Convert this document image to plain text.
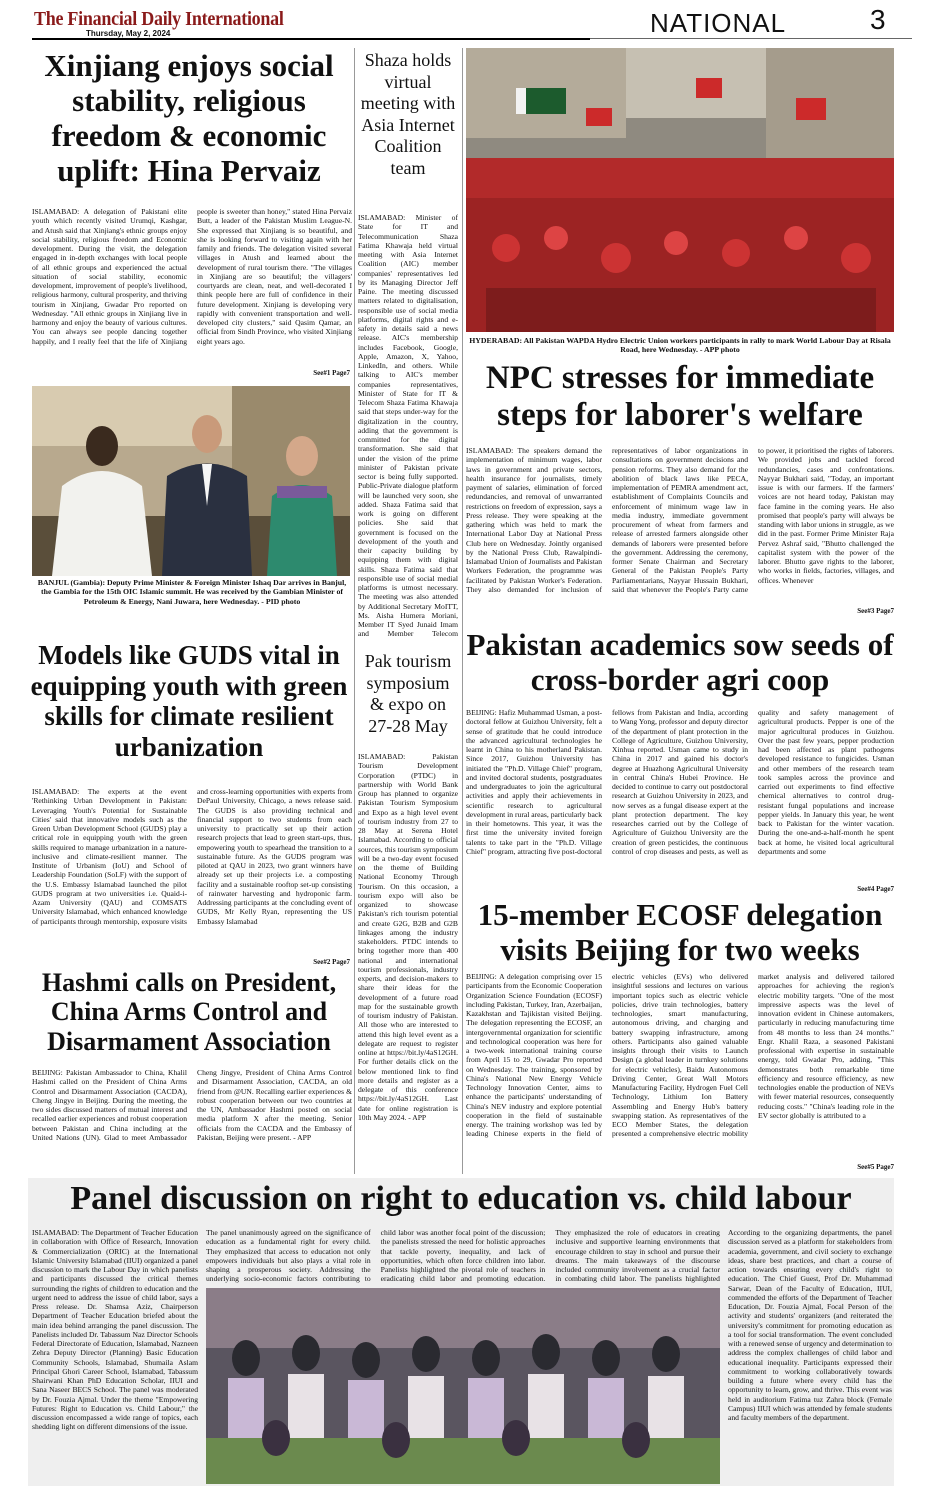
The Financial Daily International
Thursday, May 2, 2024	NATIONAL	3
Xinjiang enjoys social stability, religious freedom & economic uplift: Hina Pervaiz

ISLAMABAD: A delegation of Pakistani elite youth which recently visited Urumqi, Kashgar, and Atush said that Xinjiang's ethnic groups enjoy social stability, religious freedom and Economic development. During the visit, the delegation engaged in in-depth exchanges with local people of all ethnic groups and experienced the actual situation of social stability, economic development, improvement of people's livelihood, religious harmony, cultural prosperity, and thriving tourism in Xinjiang, Gwadar Pro reported on Wednesday. "All ethnic groups in Xinjiang live in harmony and enjoy the beauty of various cultures. You can always see people dancing together happily, and I really feel that the life of Xinjiang people is sweeter than honey," stated Hina Pervaiz Butt, a leader of the Pakistan Muslim League-N. She expressed that Xinjiang is so beautiful, and she is looking forward to visiting again with her family and friends. The delegation visited several villages in Atush and learned about the development of rural tourism there. "The villages in Xinjiang are so beautiful; the villagers' courtyards are clean, neat, and well-decorated I think people here are full of confidence in their future development. Xinjiang is developing very rapidly with convenient transportation and well-developed city clusters," said Qasim Qamar, an official from Sindh Province, who visited Xinjiang eight years ago.

See#1 Page7
BANJUL (Gambia): Deputy Prime Minister & Foreign Minister Ishaq Dar arrives in Banjul, the Gambia for the 15th OIC Islamic summit. He was received by the Gambian Minister of Petroleum & Energy, Nani Juwara, here Wednesday. - PID photo
Shaza holds virtual meeting with Asia Internet Coalition team

ISLAMABAD: Minister of State for IT and Telecommunication Shaza Fatima Khawaja held virtual meeting with Asia Internet Coalition (AIC) member companies' representatives led by its Managing Director Jeff Paine. The meeting discussed matters related to digitalisation, responsible use of social media platforms, digital rights and e-safety in details said a news release. AIC's membership includes Facebook, Google, Apple, Amazon, X, Yahoo, LinkedIn, and others. While talking to AIC's member companies representatives, Minister of State for IT & Telecom Shaza Fatima Khawaja said that steps under-way for the digitalization in the country, adding that the government is committed for the digital transformation. She said that under the vision of the prime minister of Pakistan private sector is being fully supported. Public-Private dialogue platform will be launched very soon, she added. Shaza Fatima said that work is going on different policies. She said that government is focused on the development of the youth and their capacity building by equipping them with digital skills. Shaza Fatima said that responsible use of social medial platforms is utmost necessary. The meeting was also attended by Additional Secretary MoITT, Ms. Aisha Humera Moriani, Member IT Syed Junaid Imam and Member Telecom

HYDERABAD: All Pakistan WAPDA Hydro Electric Union workers participants in rally to mark World Labour Day at Risala Road, here Wednesday. - APP photo
NPC stresses for immediate steps for laborer's welfare

ISLAMABAD: The speakers demand the implementation of minimum wages, labor laws in government and private sectors, health insurance for journalists, timely payment of salaries, elimination of forced redundancies, and removal of unwarranted restrictions on freedom of expression, says a Press release. They were speaking at the gathering which was held to mark the International Labor Day at National Press Club here on Wednesday. Jointly organised by the National Press Club, Rawalpindi-Islamabad Union of Journalists and Pakistan Workers Federation, the programme was facilitated by Pakistan Worker's Federation. They also demanded for inclusion of representatives of labor organizations in consultations on government decisions and pension reforms. They also demand for the abolition of black laws like PECA, implementation of PEMRA amendment act, establishment of Complaints Councils and enforcement of minimum wage law in media industry, immediate government procurement of wheat from farmers and release of arrested farmers alongside other demands of laborers were presented before the government. Addressing the ceremony, former Senate Chairman and Secretary General of the Pakistan People's Party Parliamentarians, Nayyar Hussain Bukhari, said that whenever the People's Party came to power, it prioritised the rights of laborers. We provided jobs and tackled forced redundancies, cases and confrontations. Nayyar Bukhari said, "Today, an important issue is with our farmers. If the farmers' voices are not heard today, Pakistan may face famine in the coming years. He also promised that people's party will always be standing with labor unions in struggle, as we did in the past. Former Prime Minister Raja Pervez Ashraf said, "Bhutto challenged the capitalist system with the power of the laborer. Bhutto gave rights to the laborer, who works in fields, factories, villages, and offices. Whenever

See#3 Page7
Models like GUDS vital in equipping youth with green skills for climate resilient urbanization

ISLAMABAD: The experts at the event 'Rethinking Urban Development in Pakistan: Leveraging Youth's Potential for Sustainable Cities' said that innovative models such as the Green Urban Development School (GUDS) play a critical role in equipping youth with the green skills required to manage urbanization in a nature-inclusive and climate-resilient manner. The Institute of Urbanism (IoU) and School of Leadership Foundation (SoLF) with the support of the U.S. Embassy Islamabad launched the pilot GUDS program at two universities i.e. Quaid-i-Azam University (QAU) and COMSATS University Islamabad, which enhanced knowledge of participants through mentorship, exposure visits and cross-learning opportunities with experts from DePaul University, Chicago, a news release said. The GUDS is also providing technical and financial support to two students from each university to practically set up their action research projects that lead to green start-ups, thus, empowering youth to spearhead the transition to a sustainable future. As the GUDS program was piloted at QAU in 2023, two grant winners have already set up their projects i.e. a composting facility and a sustainable rooftop set-up consisting of rainwater harvesting and hydroponic farm. Addressing participants at the concluding event of GUDS, Mr Kelly Ryan, representing the US Embassy Islamabad

See#2 Page7
Pak tourism symposium & expo on 27-28 May

ISLAMABAD: Pakistan Tourism Development Corporation (PTDC) in partnership with World Bank Group has planned to organize Pakistan Tourism Symposium and Expo as a high level event of tourism industry from 27 to 28 May at Serena Hotel Islamabad. According to official sources, this tourism symposium will be a two-day event focused on the theme of Building National Economy Through Tourism. On this occasion, a tourism expo will also be organized to showcase Pakistan's rich tourism potential and create G2G, B2B and G2B linkages among the industry stakeholders. PTDC intends to bring together more than 400 national and international tourism professionals, industry experts, and decision-makers to share their ideas for the development of a future road map for the sustainable growth of tourism industry of Pakistan. All those who are interested to attend this high level event as a delegate are request to register online at https://bit.ly/4aS12GH. For further details click on the below mentioned link to find more details and register as a delegate of this conference https://bit.ly/4aS12GH. Last date for online registration is 10th May 2024. - APP

Pakistan academics sow seeds of cross-border agri coop

BEIJING: Hafiz Muhammad Usman, a post-doctoral fellow at Guizhou University, felt a sense of gratitude that he could introduce the advanced agricultural technologies he learnt in China to his motherland Pakistan. Since 2017, Guizhou University has initiated the "Ph.D. Village Chief" program, and invited doctoral students, postgraduates and undergraduates to join the agricultural activities and apply their achievements in scientific research to agricultural development in rural areas, particularly back in their hometowns. This year, it was the first time the university invited foreign talents to take part in the "Ph.D. Village Chief" program, attracting five post-doctoral fellows from Pakistan and India, according to Wang Yong, professor and deputy director of the department of plant protection in the College of Agriculture, Guizhou University, Xinhua reported. Usman came to study in China in 2017 and gained his doctor's degree at Huazhong Agricultural University in central China's Hubei Province. He decided to continue to carry out postdoctoral research at Guizhou University in 2023, and now serves as a fungal disease expert at the plant protection department. The key researches carried out by the College of Agriculture of Guizhou University are the creation of green pesticides, the continuous control of crop diseases and pests, as well as quality and safety management of agricultural products. Pepper is one of the major agricultural produces in Guizhou. Over the past few years, pepper production had been affected as plant pathogens developed resistance to fungicides. Usman and other members of the research team took samples across the province and carried out experiments to find effective chemical alternatives to control drug-resistant fungal populations and increase pepper yields. In January this year, he went back to Pakistan for the winter vacation. During the one-and-a-half-month he spent back at home, he visited local agricultural departments and some

See#4 Page7
15-member ECOSF delegation visits Beijing for two weeks

BEIJING: A delegation comprising over 15 participants from the Economic Cooperation Organization Science Foundation (ECOSF) including Pakistan, Turkey, Iran, Azerbaijan, Kazakhstan and Tajikistan visited Beijing. The delegation representing the ECOSF, an intergovernmental organization for scientific and technological cooperation was here for a two-week international training course from April 15 to 29, Gwadar Pro reported on Wednesday. The training, sponsored by China's National New Energy Vehicle Technology Innovation Center, aims to enhance the participants' understanding of China's NEV industry and explore potential cooperation in the field of sustainable energy. The training workshop was led by leading Chinese experts in the field of electric vehicles (EVs) who delivered insightful sessions and lectures on various important topics such as electric vehicle policies, drive train technologies, battery technologies, smart manufacturing, autonomous driving, and charging and battery swapping infrastructure, among others. Participants also gained valuable insights through their visits to Launch Design (a global leader in turnkey solutions for electric vehicles), Baidu Autonomous Driving Center, Great Wall Motors Manufacturing Facility, Hydrogen Fuel Cell Technology, Lithium Ion Battery Assembling and Energy Hub's battery swapping station. As representatives of the ECO Member States, the delegation presented a comprehensive electric mobility market analysis and delivered tailored approaches for achieving the region's electric mobility targets. "One of the most impressive aspects was the level of innovation evident in Chinese automakers, particularly in reducing manufacturing time from 48 months to less than 24 months." Engr. Khalil Raza, a seasoned Pakistani professional with expertise in sustainable energy, told Gwadar Pro, adding, "This demonstrates both remarkable time efficiency and resource efficiency, as new technologies enable the production of NEVs with fewer material resources, consequently reducing costs." "China's leading role in the EV sector globally is attributed to a

See#5 Page7
Hashmi calls on President, China Arms Control and Disarmament Association

BEIJING: Pakistan Ambassador to China, Khalil Hashmi called on the President of China Arms Control and Disarmament Association (CACDA), Cheng Jingye in Beijing. During the meeting, the two sides discussed matters of mutual interest and recalled earlier experiences and robust cooperation between Pakistan and China including at the United Nations (UN). Glad to meet Ambassador Cheng Jingye, President of China Arms Control and Disarmament Association, CACDA, an old friend from @UN. Recalling earlier experiences & robust cooperation between our two countries at the UN, Ambassador Hashmi posted on social media platform X after the meeting. Senior officials from the CACDA and the Embassy of Pakistan, Beijing were present. - APP

Panel discussion on right to education vs. child labour

ISLAMABAD: The Department of Teacher Education in collaboration with Office of Research, Innovation & Commercialization (ORIC) at the International Islamic University Islamabad (IIUI) organized a panel discussion to mark the Labour Day in which panelists and participants discussed the critical themes surrounding the rights of children to education and the urgent need to address the issue of child labor, says a Press release. Dr. Shamsa Aziz, Chairperson Department of Teacher Education briefed about the main idea behind arranging the panel discussion. The Panelists included Dr. Tabassum Naz Director Schools Federal Directorate of Education, Islamabad, Nazneen Zehra Deputy Director (Planning) Basic Education Community Schools, Islamabad, Shumaila Aslam Principal Ghori Career School, Islamabad, Tabassum Shairwani Khan PhD Education Scholar, IIUI and Sana Naseer BECS School. The panel was moderated by Dr. Fouzia Ajmal. Under the theme "Empowering Futures: Right to Education vs. Child Labour," the discussion encompassed a wide range of topics, each shedding light on different dimensions of the issue.

The panel unanimously agreed on the significance of education as a fundamental right for every child. They emphasized that access to education not only empowers individuals but also plays a vital role in shaping a prosperous society. Addressing the underlying socio-economic factors contributing to child labor was another focal point of the discussion; the panelists stressed the need for holistic approaches that tackle poverty, inequality, and lack of opportunities, which often force children into labor. Panelists highlighted the pivotal role of teachers in eradicating child labor and promoting education. They emphasized the role of educators in creating inclusive and supportive learning environments that encourage children to stay in school and pursue their dreams. The main takeaways of the discourse included community involvement as a crucial factor in combating child labor. The panelists highlighted

According to the organizing departments, the panel discussion served as a platform for stakeholders from academia, government, and civil society to exchange ideas, share best practices, and chart a course of action towards ensuring every child's right to education. The Chief Guest, Prof Dr. Muhammad Sarwar, Dean of the Faculty of Education, IIUI, commended the efforts of the Department of Teacher Education, Dr. Fouzia Ajmal, Focal Person of the activity and students' organizers (and reiterated the university's commitment for promoting education as a tool for social transformation. The event concluded with a renewed sense of urgency and determination to address the complex challenges of child labor and educational inequality. Participants expressed their commitment to working collaboratively towards building a future where every child has the opportunity to learn, grow, and thrive. This event was held in auditorium Fatima tuz Zahra block (Female Campus) IIUI which was attended by female students and faculty members of the department.
